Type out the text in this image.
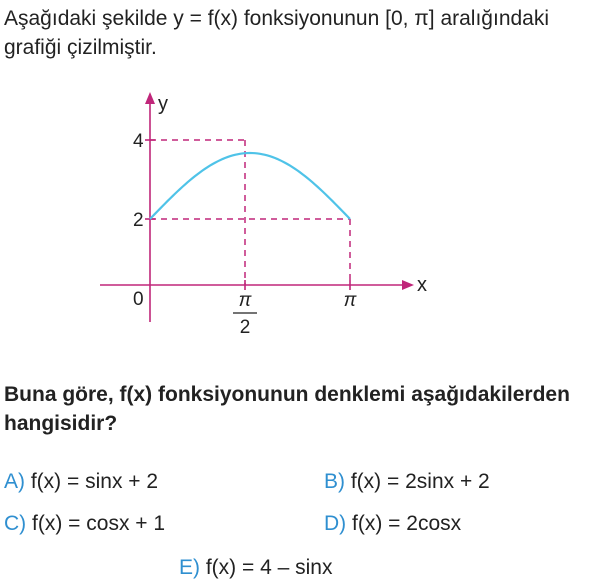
Aşağıdaki şekilde y = f(x) fonksiyonunun [0, π] aralığındaki grafiği çizilmiştir.
y
x
0
4
2
π
2
π
Buna göre, f(x) fonksiyonunun denklemi aşağıdakilerden hangisidir?
A) f(x) = sinx + 2	B) f(x) = 2sinx + 2
C) f(x) = cosx + 1	D) f(x) = 2cosx
E) f(x) = 4 – sinx
